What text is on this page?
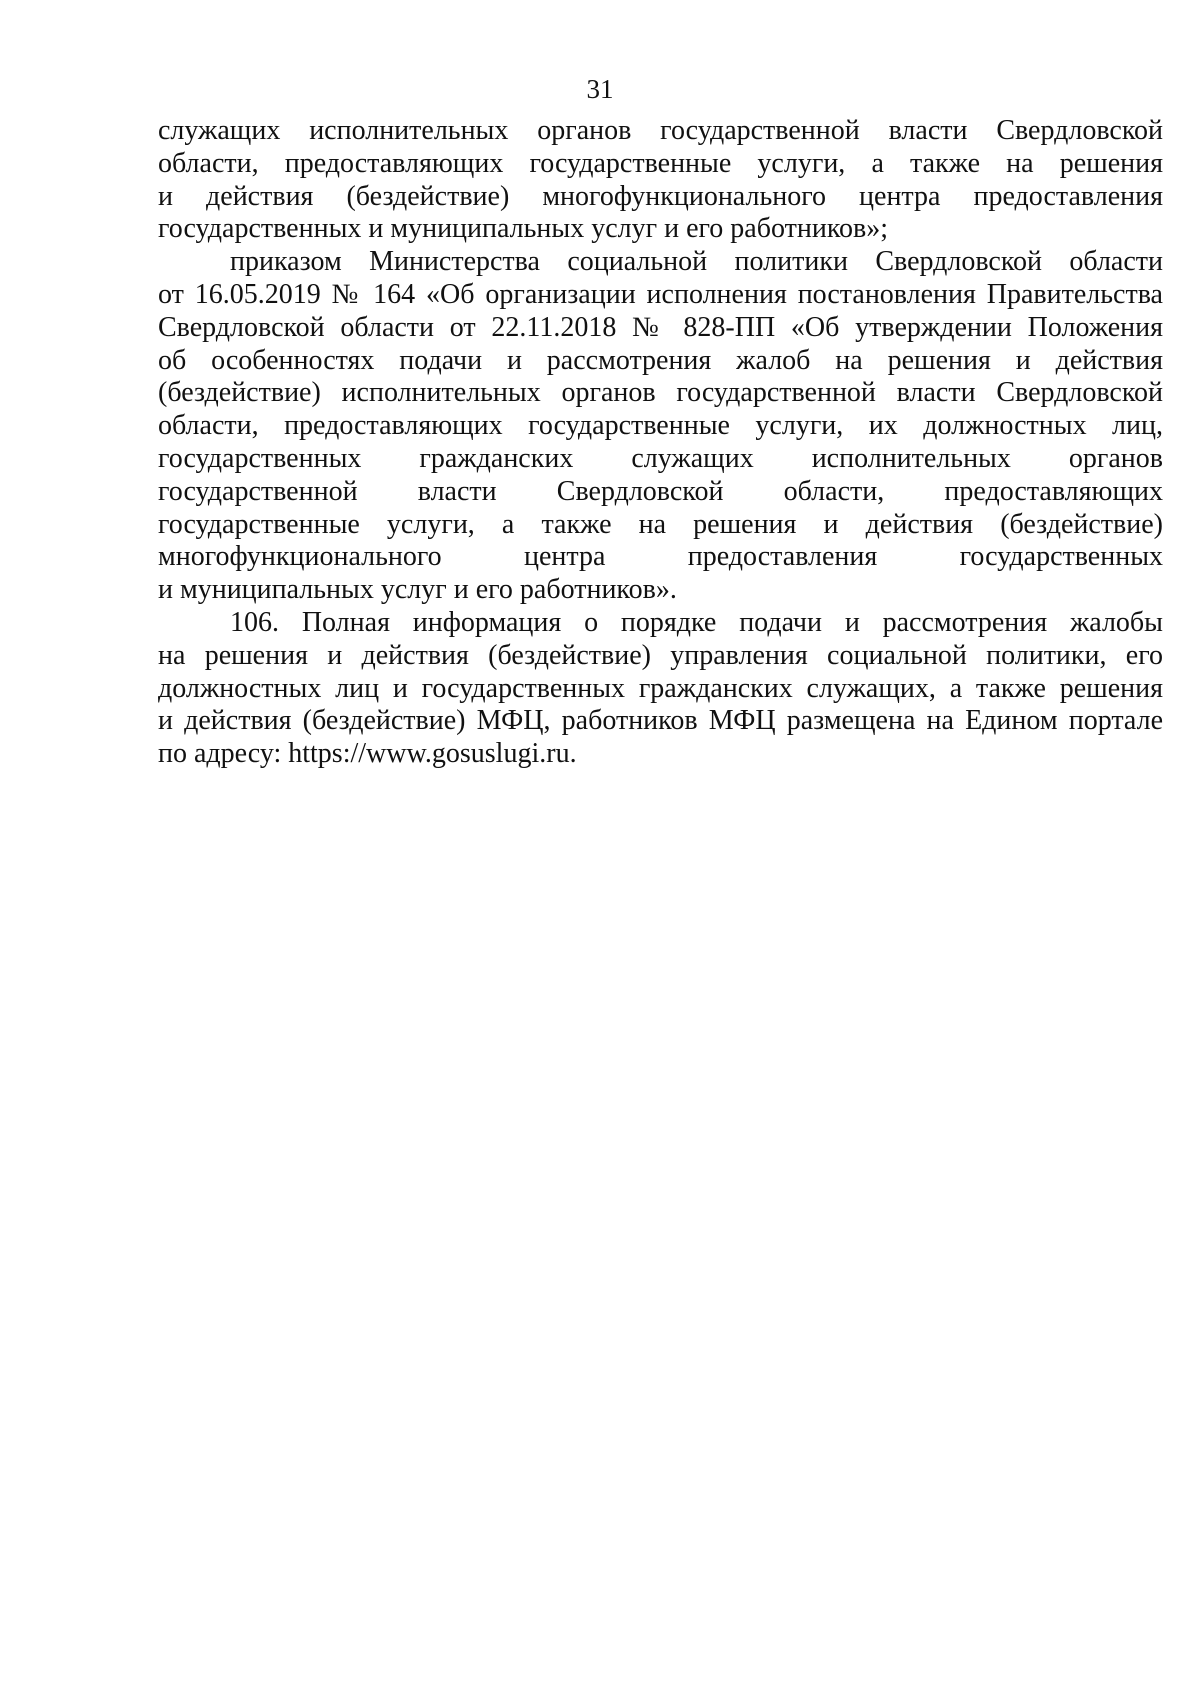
31
служащих исполнительных органов государственной власти Свердловской
области, предоставляющих государственные услуги, а также на решения
и действия (бездействие) многофункционального центра предоставления
государственных и муниципальных услуг и его работников»;
приказом Министерства социальной политики Свердловской области
от 16.05.2019 № 164 «Об организации исполнения постановления Правительства
Свердловской области от 22.11.2018 № 828-ПП «Об утверждении Положения
об особенностях подачи и рассмотрения жалоб на решения и действия
(бездействие) исполнительных органов государственной власти Свердловской
области, предоставляющих государственные услуги, их должностных лиц,
государственных гражданских служащих исполнительных органов
государственной власти Свердловской области, предоставляющих
государственные услуги, а также на решения и действия (бездействие)
многофункционального центра предоставления государственных
и муниципальных услуг и его работников».
106. Полная информация о порядке подачи и рассмотрения жалобы
на решения и действия (бездействие) управления социальной политики, его
должностных лиц и государственных гражданских служащих, а также решения
и действия (бездействие) МФЦ, работников МФЦ размещена на Едином портале
по адресу: https://www.gosuslugi.ru.
